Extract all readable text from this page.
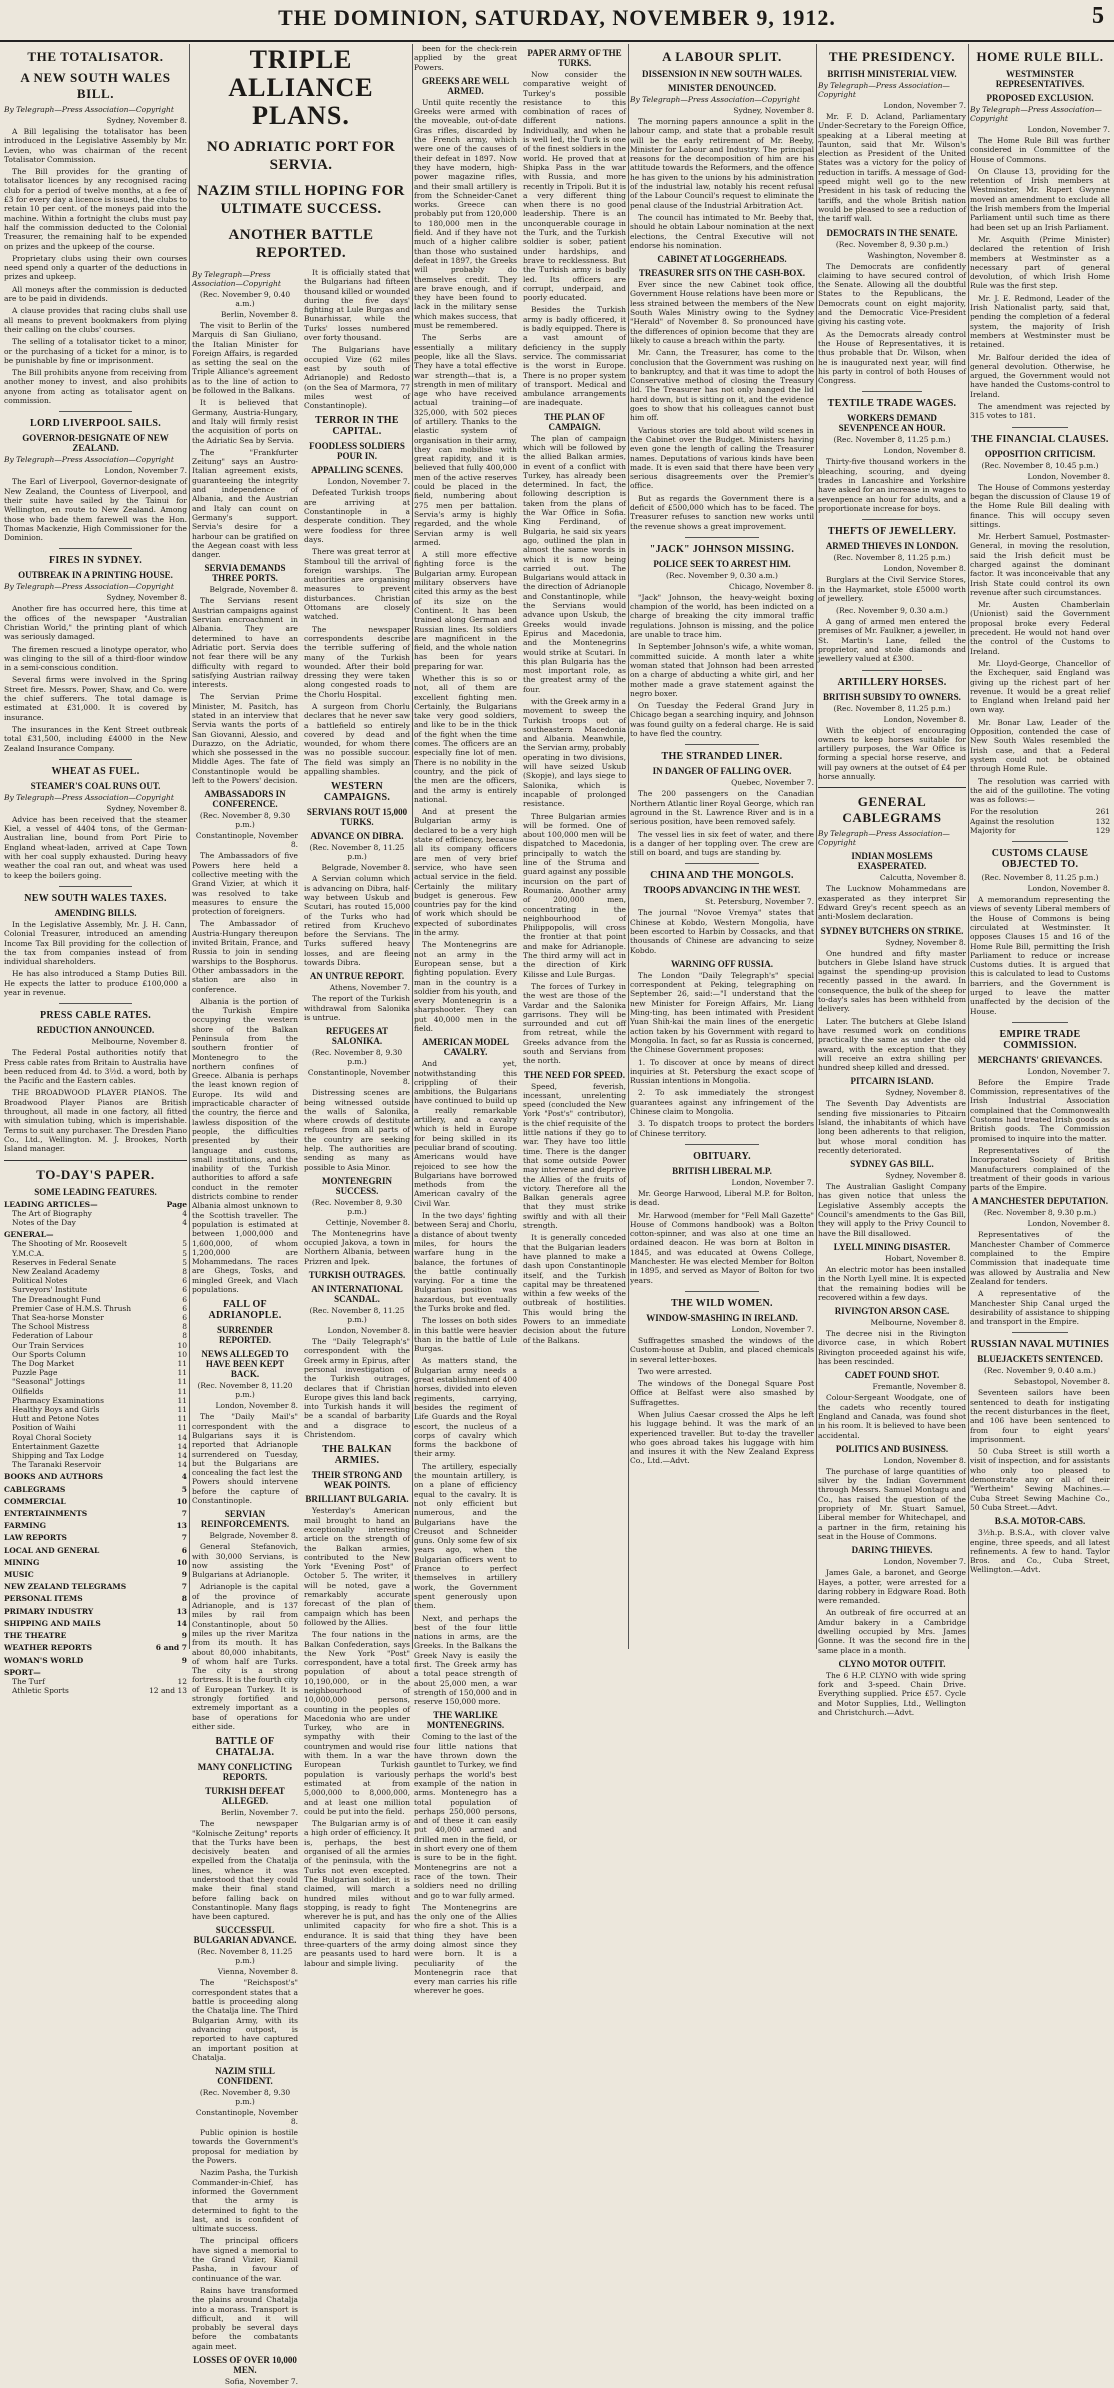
THE DOMINION, SATURDAY, NOVEMBER 9, 1912.	5
THE TOTALISATOR.
A NEW SOUTH WALES BILL.
By Telegraph—Press Association—Copyright
Sydney, November 8.

A Bill legalising the totalisator has been introduced in the Legislative Assembly by Mr. Levien, who was chairman of the recent Totalisator Commission.

The Bill provides for the granting of totalisator licences by any recognised racing club for a period of twelve months, at a fee of £3 for every day a licence is issued, the clubs to retain 10 per cent. of the moneys paid into the machine. Within a fortnight the clubs must pay half the commission deducted to the Colonial Treasurer, the remaining half to be expended on prizes and the upkeep of the course.

Proprietary clubs using their own courses need spend only a quarter of the deductions in prizes and upkeep.

All moneys after the commission is deducted are to be paid in dividends.

A clause provides that racing clubs shall use all means to prevent bookmakers from plying their calling on the clubs' courses.

The selling of a totalisator ticket to a minor, or the purchasing of a ticket for a minor, is to be punishable by fine or imprisonment.

The Bill prohibits anyone from receiving from another money to invest, and also prohibits anyone from acting as totalisator agent on commission.

LORD LIVERPOOL SAILS.
GOVERNOR-DESIGNATE OF NEW ZEALAND.
By Telegraph—Press Association—Copyright
London, November 7.

The Earl of Liverpool, Governor-designate of New Zealand, the Countess of Liverpool, and their suite have sailed by the Tainui for Wellington, en route to New Zealand. Among those who bade them farewell was the Hon. Thomas Mackenzie, High Commissioner for the Dominion.

FIRES IN SYDNEY.
OUTBREAK IN A PRINTING HOUSE.
By Telegraph—Press Association—Copyright
Sydney, November 8.

Another fire has occurred here, this time at the offices of the newspaper "Australian Christian World," the printing plant of which was seriously damaged.

The firemen rescued a linotype operator, who was clinging to the sill of a third-floor window in a semi-conscious condition.

Several firms were involved in the Spring Street fire. Messrs. Power, Shaw, and Co. were the chief sufferers. The total damage is estimated at £31,000. It is covered by insurance.

The insurances in the Kent Street outbreak total £31,500, including £4000 in the New Zealand Insurance Company.

WHEAT AS FUEL.
STEAMER'S COAL RUNS OUT.
By Telegraph—Press Association—Copyright
Sydney, November 8.

Advice has been received that the steamer Kiel, a vessel of 4404 tons, of the German-Australian line, bound from Port Pirie to England wheat-laden, arrived at Cape Town with her coal supply exhausted. During heavy weather the coal ran out, and wheat was used to keep the boilers going.

NEW SOUTH WALES TAXES.
AMENDING BILLS.

In the Legislative Assembly, Mr. J. H. Cann, Colonial Treasurer, introduced an amending Income Tax Bill providing for the collection of the tax from companies instead of from individual shareholders.

He has also introduced a Stamp Duties Bill. He expects the latter to produce £100,000 a year in revenue.

PRESS CABLE RATES.
REDUCTION ANNOUNCED.
Melbourne, November 8.

The Federal Postal authorities notify that Press cable rates from Britain to Australia have been reduced from 4d. to 3½d. a word, both by the Pacific and the Eastern cables.

THE BROADWOOD PLAYER PIANOS. The Broadwood Player Pianos are British throughout, all made in one factory, all fitted with simulation tubing, which is imperishable. Terms to suit any purchaser. The Dresden Piano Co., Ltd., Wellington. M. J. Brookes, North Island manager.

TO-DAY'S PAPER.
SOME LEADING FEATURES.
LEADING ARTICLES—	Page
The Art of Biography	4
Notes of the Day	4
GENERAL—
The Shooting of Mr. Roosevelt	5
Y.M.C.A.	5
Reserves in Federal Senate	5
New Zealand Academy	8
Political Notes	6
Surveyors' Institute	6
The Dreadnought Fund	6
Premier Case of H.M.S. Thrush	6
That Sea-horse Monster	6
The School Mistress	8
Federation of Labour	8
Our Train Services	10
Our Sports Column	10
The Dog Market	11
Puzzle Page	11
"Seasonal" Jottings	11
Oilfields	11
Pharmacy Examinations	11
Healthy Boys and Girls	11
Hutt and Petone Notes	11
Position of Waihi	11
Royal Choral Society	14
Entertainment Gazette	14
Shipping and Tax Lodge	14
The Taranaki Reservoir	14
BOOKS AND AUTHORS	4
CABLEGRAMS	5
COMMERCIAL	10
ENTERTAINMENTS	7
FARMING	13
LAW REPORTS	7
LOCAL AND GENERAL	6
MINING	10
MUSIC	9
NEW ZEALAND TELEGRAMS	7
PERSONAL ITEMS	8
PRIMARY INDUSTRY	13
SHIPPING AND MAILS	14
THE THEATRE	9
WEATHER REPORTS	6 and 7
WOMAN'S WORLD	9
SPORT—
The Turf	12
Athletic Sports	12 and 13
TRIPLE ALLIANCE PLANS.
NO ADRIATIC PORT FOR SERVIA.
NAZIM STILL HOPING FOR ULTIMATE SUCCESS.
ANOTHER BATTLE REPORTED.
By Telegraph—Press Association—Copyright
(Rec. November 9, 0.40 a.m.)
Berlin, November 8.

The visit to Berlin of the Marquis di San Giuliano, the Italian Minister for Foreign Affairs, is regarded as setting the seal on the Triple Alliance's agreement as to the line of action to be followed in the Balkans.

It is believed that Germany, Austria-Hungary, and Italy will firmly resist the acquisition of ports on the Adriatic Sea by Servia.

The "Frankfurter Zeitung" says an Austro-Italian agreement exists, guaranteeing the integrity and independence of Albania, and the Austrian and Italy can count on Germany's support. Servia's desire for a harbour can be gratified on the Aegean coast with less danger.

SERVIA DEMANDS THREE PORTS.
Belgrade, November 8.

The Servians resent Austrian campaigns against Servian encroachment in Albania. They are determined to have an Adriatic port. Servia does not fear there will be any difficulty with regard to satisfying Austrian railway interests.

The Servian Prime Minister, M. Pasitch, has stated in an interview that Servia wants the ports of San Giovanni, Alessio, and Durazzo, on the Adriatic, which she possessed in the Middle Ages. The fate of Constantinople would be left to the Powers' decision.

AMBASSADORS IN CONFERENCE.
(Rec. November 8, 9.30 p.m.)
Constantinople, November 8.

The Ambassadors of five Powers here held a collective meeting with the Grand Vizier, at which it was resolved to take measures to ensure the protection of foreigners.

The Ambassador of Austria-Hungary thereupon invited Britain, France, and Russia to join in sending warships to the Bosphorus. Other ambassadors in the station are also in conference.

Albania is the portion of the Turkish Empire occupying the western shore of the Balkan Peninsula from the southern frontier of Montenegro to the northern confines of Greece. Albania is perhaps the least known region of Europe. Its wild and impracticable character of the country, the fierce and lawless disposition of the people, the difficulties presented by their language and customs, small institutions, and the inability of the Turkish authorities to afford a safe conduct in the remoter districts combine to render Albania almost unknown to the Scottish traveller. The population is estimated at between 1,000,000 and 1,600,000, of whom 1,200,000 are Mohammedans. The races are Ghegs, Tosks, and mingled Greek, and Vlach populations.

FALL OF ADRIANOPLE.
SURRENDER REPORTED.
NEWS ALLEGED TO HAVE BEEN KEPT BACK.
(Rec. November 8, 11.20 p.m.)
London, November 8.

The "Daily Mail's" correspondent with the Bulgarians says it is reported that Adrianople surrendered on Tuesday, but the Bulgarians are concealing the fact lest the Powers should intervene before the capture of Constantinople.

SERVIAN REINFORCEMENTS.
Belgrade, November 8.

General Stefanovich, with 30,000 Servians, is now assisting the Bulgarians at Adrianople.

Adrianople is the capital of the province of Adrianople, and is 137 miles by rail from Constantinople, about 50 miles up the river Maritza from its mouth. It has about 80,000 inhabitants, of whom half are Turks. The city is a strong fortress. It is the fourth city of European Turkey. It is strongly fortified and extremely important as a base of operations for either side.

BATTLE OF CHATALJA.
MANY CONFLICTING REPORTS.
TURKISH DEFEAT ALLEGED.
Berlin, November 7.

The newspaper "Kolnische Zeitung" reports that the Turks have been decisively beaten and expelled from the Chatalja lines, whence it was understood that they could make their final stand before falling back on Constantinople. Many flags have been captured.

SUCCESSFUL BULGARIAN ADVANCE.
(Rec. November 8, 11.25 p.m.)
Vienna, November 8.

The "Reichspost's" correspondent states that a battle is proceeding along the Chatalja line. The Third Bulgarian Army, with its advancing outpost, is reported to have captured an important position at Chatalja.

NAZIM STILL CONFIDENT.
(Rec. November 8, 9.30 p.m.)
Constantinople, November 8.

Public opinion is hostile towards the Government's proposal for mediation by the Powers.

Nazim Pasha, the Turkish Commander-in-Chief, has informed the Government that the army is determined to fight to the last, and is confident of ultimate success.

The principal officers have signed a memorial to the Grand Vizier, Kiamil Pasha, in favour of continuance of the war.

Rains have transformed the plains around Chatalja into a morass. Transport is difficult, and it will probably be several days before the combatants again meet.

LOSSES OF OVER 10,000 MEN.
Sofia, November 7.

It is officially stated that the Bulgarians had fifteen thousand killed or wounded during the five days' fighting at Lule Burgas and Bunarhissar, while the Turks' losses numbered over forty thousand.

The Bulgarians have occupied Vize (62 miles east by south of Adrianople) and Redosto (on the Sea of Marmora, 77 miles west of Constantinople).

TERROR IN THE CAPITAL.
FOODLESS SOLDIERS POUR IN.
APPALLING SCENES.
London, November 7.

Defeated Turkish troops are arriving at Constantinople in a desperate condition. They were foodless for three days.

There was great terror at Stamboul till the arrival of foreign warships. The authorities are organising measures to prevent disturbances. Christian Ottomans are closely watched.

The newspaper correspondents describe the terrible suffering of many of the Turkish wounded. After their bold dressing they were taken along congested roads to the Chorlu Hospital.

A surgeon from Chorlu declares that he never saw a battlefield so entirely covered by dead and wounded, for whom there was no possible succour. The field was simply an appalling shambles.

WESTERN CAMPAIGNS.
SERVIANS ROUT 15,000 TURKS.
ADVANCE ON DIBRA.
(Rec. November 8, 11.25 p.m.)
Belgrade, November 8.

A Servian column which is advancing on Dibra, half-way between Uskub and Scutari, has routed 15,000 of the Turks who had retired from Kruchevo before the Servians. The Turks suffered heavy losses, and are fleeing towards Dibra.

AN UNTRUE REPORT.
Athens, November 7.

The report of the Turkish withdrawal from Salonika is untrue.

REFUGEES AT SALONIKA.
(Rec. November 8, 9.30 p.m.)
Constantinople, November 8.

Distressing scenes are being witnessed outside the walls of Salonika, where crowds of destitute refugees from all parts of the country are seeking help. The authorities are sending as many as possible to Asia Minor.

MONTENEGRIN SUCCESS.
(Rec. November 8, 9.30 p.m.)
Cettinje, November 8.

The Montenegrins have occupied Jakova, a town in Northern Albania, between Prizren and Ipek.

TURKISH OUTRAGES.
AN INTERNATIONAL SCANDAL.
(Rec. November 8, 11.25 p.m.)
London, November 8.

The "Daily Telegraph's" correspondent with the Greek army in Epirus, after personal investigation of the Turkish outrages, declares that if Christian Europe gives this land back into Turkish hands it will be a scandal of barbarity and a disgrace to Christendom.

THE BALKAN ARMIES.
THEIR STRONG AND WEAK POINTS.
BRILLIANT BULGARIA.

Yesterday's American mail brought to hand an exceptionally interesting article on the strength of the Balkan armies, contributed to the New York "Evening Post" of October 5. The writer, it will be noted, gave a remarkably accurate forecast of the plan of campaign which has been followed by the Allies.

The four nations in the Balkan Confederation, says the New York "Post" correspondent, have a total population of about 10,190,000, or in the neighbourhood of 10,000,000 persons, counting in the peoples of Macedonia who are under Turkey, who are in sympathy with their countrymen and would rise with them. In a war the European Turkish population is variously estimated at from 5,000,000 to 8,000,000, and at least one million could be put into the field.

The Bulgarian army is of a high order of efficiency. It is, perhaps, the best organised of all the armies of the peninsula, with the Turks not even excepted. The Bulgarian soldier, it is claimed, will march a hundred miles without stopping, is ready to fight wherever he is put, and has unlimited capacity for endurance. It is said that three-quarters of the army are peasants used to hard labour and simple living.

been for the check-rein applied by the great Powers.

GREEKS ARE WELL ARMED.

Until quite recently the Greeks were armed with the moveable, out-of-date Gras rifles, discarded by the French army, which were one of the causes of their defeat in 1897. Now they have modern, high-power magazine rifles, and their small artillery is from the Schneider-Canet works. Greece can probably put from 120,000 to 180,000 men in the field. And if they have not much of a higher calibre than those who sustained defeat in 1897, the Greeks will probably do themselves credit. They are brave enough, and if they have been found to lack in the military sense which makes success, that must be remembered.

The Serbs are essentially a military people, like all the Slavs. They have a total effective war strength—that is, a strength in men of military age who have received actual training—of 325,000, with 502 pieces of artillery. Thanks to the elastic system of organisation in their army, they can mobilise with great rapidity, and it is believed that fully 400,000 men of the active reserves could be placed in the field, numbering about 275 men per battalion. Servia's army is highly regarded, and the whole Servian army is well armed.

A still more effective fighting force is the Bulgarian army. European military observers have cited this army as the best of its size on the Continent. It has been trained along German and Russian lines. Its soldiers are magnificent in the field, and the whole nation has been for years preparing for war.

Whether this is so or not, all of them are excellent fighting men. Certainly, the Bulgarians take very good soldiers, and like to be in the thick of the fight when the time comes. The officers are an especially fine lot of men. There is no nobility in the country, and the pick of the men are the officers, and the army is entirely national.

And at present the Bulgarian army is declared to be a very high state of efficiency, because all its company officers are men of very brief service, who have seen actual service in the field. Certainly the military budget is generous. Few countries pay for the kind of work which should be expected of subordinates in the army.

The Montenegrins are not an army in the European sense, but a fighting population. Every man in the country is a soldier from his youth, and every Montenegrin is a sharpshooter. They can put 40,000 men in the field.

AMERICAN MODEL CAVALRY.

And yet, notwithstanding this crippling of their ambitions, the Bulgarians have continued to build up a really remarkable artillery, and a cavalry which is held in Europe for being skilled in its peculiar brand of scouting. Americans would have rejoiced to see how the Bulgarians have borrowed methods from the American cavalry of the Civil War.

In the two days' fighting between Seraj and Chorlu, a distance of about twenty miles, for hours the warfare hung in the balance, the fortunes of the battle continually varying. For a time the Bulgarian position was hazardous, but eventually the Turks broke and fled.

The losses on both sides in this battle were heavier than in the battle of Lule Burgas.

As matters stand, the Bulgarian army needs a great establishment of 400 horses, divided into eleven regiments, carrying, besides the regiment of Life Guards and the Royal escort, the nucleus of a corps of cavalry which forms the backbone of their army.

The artillery, especially the mountain artillery, is on a plane of efficiency equal to the cavalry. It is not only efficient but numerous, and the Bulgarians have the Creusot and Schneider guns. Only some few of six years ago, when the Bulgarian officers went to France to perfect themselves in artillery work, the Government spent generously upon them.

Next, and perhaps the best of the four little nations in arms, are the Greeks. In the Balkans the Greek Navy is easily the first. The Greek army has a total peace strength of about 25,000 men, a war strength of 150,000 and in reserve 150,000 more.

THE WARLIKE MONTENEGRINS.

Coming to the last of the four little nations that have thrown down the gauntlet to Turkey, we find perhaps the world's best example of the nation in arms. Montenegro has a total population of perhaps 250,000 persons, and of these it can easily put 40,000 armed and drilled men in the field, or in short every one of them is sure to be in the fight. Montenegrins are not a race of the town. Their soldiers need no drilling and go to war fully armed.

The Montenegrins are the only one of the Allies who fire a shot. This is a thing they have been doing almost since they were born. It is a peculiarity of the Montenegrin race that every man carries his rifle wherever he goes.

PAPER ARMY OF THE TURKS.

Now consider the comparative weight of Turkey's possible resistance to this combination of races of different nations. Individually, and when he is well led, the Turk is one of the finest soldiers in the world. He proved that at Shipka Pass in the war with Russia, and more recently in Tripoli. But it is a very different thing when there is no good leadership. There is an unconquerable courage in the Turk, and the Turkish soldier is sober, patient under hardships, and brave to recklessness. But the Turkish army is badly led. Its officers are corrupt, underpaid, and poorly educated.

Besides the Turkish army is badly officered, it is badly equipped. There is a vast amount of deficiency in the supply service. The commissariat is the worst in Europe. There is no proper system of transport. Medical and ambulance arrangements are inadequate.

THE PLAN OF CAMPAIGN.

The plan of campaign which will be followed by the allied Balkan armies, in event of a conflict with Turkey, has already been determined. In fact, the following description is taken from the plans of the War Office in Sofia. King Ferdinand, of Bulgaria, he said six years ago, outlined the plan in almost the same words in which it is now being carried out. The Bulgarians would attack in the direction of Adrianople and Constantinople, while the Servians would advance upon Uskub, the Greeks would invade Epirus and Macedonia, and the Montenegrins would strike at Scutari. In this plan Bulgaria has the most important role, as the greatest army of the four.

with the Greek army in a movement to sweep the Turkish troops out of southeastern Macedonia and Albania. Meanwhile, the Servian army, probably operating in two divisions, will have seized Uskub (Skopje), and lays siege to Salonika, which is incapable of prolonged resistance.

Three Bulgarian armies will be formed. One of about 100,000 men will be dispatched to Macedonia, principally to watch the line of the Struma and guard against any possible incursion on the part of Roumania. Another army of 200,000 men, concentrating in the neighbourhood of Philippopolis, will cross the frontier at that point and make for Adrianople. The third army will act in the direction of Kirk Kilisse and Lule Burgas.

The forces of Turkey in the west are those of the Vardar and the Salonika garrisons. They will be surrounded and cut off from retreat, while the Greeks advance from the south and Servians from the north.

THE NEED FOR SPEED.

Speed, feverish, incessant, unrelenting speed (concluded the New York "Post's" contributor), is the chief requisite of the little nations if they go to war. They have too little time. There is the danger that some outside Power may intervene and deprive the Allies of the fruits of victory. Therefore all the Balkan generals agree that they must strike swiftly and with all their strength.

It is generally conceded that the Bulgarian leaders have planned to make a dash upon Constantinople itself, and the Turkish capital may be threatened within a few weeks of the outbreak of hostilities. This would bring the Powers to an immediate decision about the future of the Balkans.

A LABOUR SPLIT.
DISSENSION IN NEW SOUTH WALES.
MINISTER DENOUNCED.
By Telegraph—Press Association—Copyright
Sydney, November 8.

The morning papers announce a split in the labour camp, and state that a probable result will be the early retirement of Mr. Beeby, Minister for Labour and Industry. The principal reasons for the decomposition of him are his attitude towards the Reformers, and the offence he has given to the unions by his administration of the industrial law, notably his recent refusal of the Labour Council's request to eliminate the penal clause of the Industrial Arbitration Act.

The council has intimated to Mr. Beeby that, should he obtain Labour nomination at the next elections, the Central Executive will not endorse his nomination.

CABINET AT LOGGERHEADS.
TREASURER SITS ON THE CASH-BOX.

Ever since the new Cabinet took office, Government House relations have been more or less strained between the members of the New South Wales Ministry owing to the Sydney "Herald" of November 8. So pronounced have the differences of opinion become that they are likely to cause a breach within the party.

Mr. Cann, the Treasurer, has come to the conclusion that the Government was rushing on to bankruptcy, and that it was time to adopt the Conservative method of closing the Treasury lid. The Treasurer has not only banged the lid hard down, but is sitting on it, and the evidence goes to show that his colleagues cannot bust him off.

Various stories are told about wild scenes in the Cabinet over the Budget. Ministers having even gone the length of calling the Treasurer names. Deputations of various kinds have been made. It is even said that there have been very serious disagreements over the Premier's office.

But as regards the Government there is a deficit of £500,000 which has to be faced. The Treasurer refuses to sanction new works until the revenue shows a great improvement.

"JACK" JOHNSON MISSING.
POLICE SEEK TO ARREST HIM.
(Rec. November 9, 0.30 a.m.)
Chicago, November 8.

"Jack" Johnson, the heavy-weight boxing champion of the world, has been indicted on a charge of breaking the city immoral traffic regulations. Johnson is missing, and the police are unable to trace him.

In September Johnson's wife, a white woman, committed suicide. A month later a white woman stated that Johnson had been arrested on a charge of abducting a white girl, and her mother made a grave statement against the negro boxer.

On Tuesday the Federal Grand Jury in Chicago began a searching inquiry, and Johnson was found guilty on a federal charge. He is said to have fled the country.

THE STRANDED LINER.
IN DANGER OF FALLING OVER.
Quebec, November 7.

The 200 passengers on the Canadian Northern Atlantic liner Royal George, which ran aground in the St. Lawrence River and is in a serious position, have been removed safely.

The vessel lies in six feet of water, and there is a danger of her toppling over. The crew are still on board, and tugs are standing by.

CHINA AND THE MONGOLS.
TROOPS ADVANCING IN THE WEST.
St. Petersburg, November 7.

The journal "Novoe Vremya" states that Chinese at Kobdo, Western Mongolia, have been escorted to Harbin by Cossacks, and that thousands of Chinese are advancing to seize Kobdo.

WARNING OFF RUSSIA.

The London "Daily Telegraph's" special correspondent at Peking, telegraphing on September 26, said:—"I understand that the new Minister for Foreign Affairs, Mr. Liang Ming-ting, has been intimated with President Yuan Shih-kai the main lines of the energetic action taken by his Government with regard to Mongolia. In fact, so far as Russia is concerned, the Chinese Government proposes:

1. To discover at once by means of direct inquiries at St. Petersburg the exact scope of Russian intentions in Mongolia.

2. To ask immediately the strongest guarantees against any infringement of the Chinese claim to Mongolia.

3. To dispatch troops to protect the borders of Chinese territory.

OBITUARY.
BRITISH LIBERAL M.P.
London, November 7.

Mr. George Harwood, Liberal M.P. for Bolton, is dead.

Mr. Harwood (member for "Fell Mall Gazette" House of Commons handbook) was a Bolton cotton-spinner, and was also at one time an ordained deacon. He was born at Bolton in 1845, and was educated at Owens College, Manchester. He was elected Member for Bolton in 1895, and served as Mayor of Bolton for two years.

THE WILD WOMEN.
WINDOW-SMASHING IN IRELAND.
London, November 7.

Suffragettes smashed the windows of the Custom-house at Dublin, and placed chemicals in several letter-boxes.

Two were arrested.

The windows of the Donegal Square Post Office at Belfast were also smashed by Suffragettes.

When Julius Caesar crossed the Alps he left his luggage behind. It was the mark of an experienced traveller. But to-day the traveller who goes abroad takes his luggage with him and insures it with the New Zealand Express Co., Ltd.—Advt.

THE PRESIDENCY.
BRITISH MINISTERIAL VIEW.
By Telegraph—Press Association—Copyright
London, November 7.

Mr. F. D. Acland, Parliamentary Under-Secretary to the Foreign Office, speaking at a Liberal meeting at Taunton, said that Mr. Wilson's election as President of the United States was a victory for the policy of reduction in tariffs. A message of God-speed might well go to the new President in his task of reducing the tariffs, and the whole British nation would be pleased to see a reduction of the tariff wall.

DEMOCRATS IN THE SENATE.
(Rec. November 8, 9.30 p.m.)
Washington, November 8.

The Democrats are confidently claiming to have secured control of the Senate. Allowing all the doubtful States to the Republicans, the Democrats count on eight majority, and the Democratic Vice-President giving his casting vote.

As the Democrats already control the House of Representatives, it is thus probable that Dr. Wilson, when he is inaugurated next year, will find his party in control of both Houses of Congress.

TEXTILE TRADE WAGES.
WORKERS DEMAND SEVENPENCE AN HOUR.
(Rec. November 8, 11.25 p.m.)
London, November 8.

Thirty-five thousand workers in the bleaching, scouring, and dyeing trades in Lancashire and Yorkshire have asked for an increase in wages to sevenpence an hour for adults, and a proportionate increase for boys.

THEFTS OF JEWELLERY.
ARMED THIEVES IN LONDON.
(Rec. November 8, 11.25 p.m.)
London, November 8.

Burglars at the Civil Service Stores, in the Haymarket, stole £5000 worth of jewellery.

(Rec. November 9, 0.30 a.m.)

A gang of armed men entered the premises of Mr. Faulkner, a jeweller, in St. Martin's Lane, felled the proprietor, and stole diamonds and jewellery valued at £300.

ARTILLERY HORSES.
BRITISH SUBSIDY TO OWNERS.
(Rec. November 8, 11.25 p.m.)
London, November 8.

With the object of encouraging owners to keep horses suitable for artillery purposes, the War Office is forming a special horse reserve, and will pay owners at the outset of £4 per horse annually.

GENERAL CABLEGRAMS
By Telegraph—Press Association—Copyright
INDIAN MOSLEMS EXASPERATED.
Calcutta, November 8.

The Lucknow Mohammedans are exasperated as they interpret Sir Edward Grey's recent speech as an anti-Moslem declaration.

SYDNEY BUTCHERS ON STRIKE.
Sydney, November 8.

One hundred and fifty master butchers in Glebe Island have struck against the spending-up provision recently passed in the award. In consequence, the bulk of the sheep for to-day's sales has been withheld from delivery.

Later. The butchers at Glebe Island have resumed work on conditions practically the same as under the old award, with the exception that they will receive an extra shilling per hundred sheep killed and dressed.

PITCAIRN ISLAND.
Sydney, November 8.

The Seventh Day Adventists are sending five missionaries to Pitcairn Island, the inhabitants of which have long been adherents to that religion, but whose moral condition has recently deteriorated.

SYDNEY GAS BILL.
Sydney, November 8.

The Australian Gaslight Company has given notice that unless the Legislative Assembly accepts the Council's amendments to the Gas Bill, they will apply to the Privy Council to have the Bill disallowed.

LYELL MINING DISASTER.
Hobart, November 8.

An electric motor has been installed in the North Lyell mine. It is expected that the remaining bodies will be recovered within a few days.

RIVINGTON ARSON CASE.
Melbourne, November 8.

The decree nisi in the Rivington divorce case, in which Robert Rivington proceeded against his wife, has been rescinded.

CADET FOUND SHOT.
Fremantle, November 8.

Colour-Sergeant Woodgate, one of the cadets who recently toured England and Canada, was found shot in his room. It is believed to have been accidental.

POLITICS AND BUSINESS.
London, November 8.

The purchase of large quantities of silver by the Indian Government through Messrs. Samuel Montagu and Co., has raised the question of the propriety of Mr. Stuart Samuel, Liberal member for Whitechapel, and a partner in the firm, retaining his seat in the House of Commons.

DARING THIEVES.
London, November 7.

James Gale, a baronet, and George Hayes, a potter, were arrested for a daring robbery in Edgware Road. Both were remanded.

An outbreak of fire occurred at an Amdur bakery in a Cambridge dwelling occupied by Mrs. James Gonne. It was the second fire in the same place in a month.

CLYNO MOTOR OUTFIT.

The 6 H.P. CLYNO with wide spring fork and 3-speed. Chain Drive. Everything supplied. Price £57. Cycle and Motor Supplies, Ltd., Wellington and Christchurch.—Advt.

HOME RULE BILL.
WESTMINSTER REPRESENTATIVES.
PROPOSED EXCLUSION.
By Telegraph—Press Association—Copyright
London, November 7.

The Home Rule Bill was further considered in Committee of the House of Commons.

On Clause 13, providing for the retention of Irish members at Westminster, Mr. Rupert Gwynne moved an amendment to exclude all the Irish members from the Imperial Parliament until such time as there had been set up an Irish Parliament.

Mr. Asquith (Prime Minister) declared the retention of Irish members at Westminster as a necessary part of general devolution, of which Irish Home Rule was the first step.

Mr. J. E. Redmond, Leader of the Irish Nationalist party, said that, pending the completion of a federal system, the majority of Irish members at Westminster must be retained.

Mr. Balfour derided the idea of general devolution. Otherwise, he argued, the Government would not have handed the Customs-control to Ireland.

The amendment was rejected by 315 votes to 181.

THE FINANCIAL CLAUSES.
OPPOSITION CRITICISM.
(Rec. November 8, 10.45 p.m.)
London, November 8.

The House of Commons yesterday began the discussion of Clause 19 of the Home Rule Bill dealing with finance. This will occupy seven sittings.

Mr. Herbert Samuel, Postmaster-General, in moving the resolution, said the Irish deficit must be charged against the dominant factor. It was inconceivable that any Irish State could control its own revenue after such circumstances.

Mr. Austen Chamberlain (Unionist) said the Government proposal broke every Federal precedent. He would not hand over the control of the Customs to Ireland.

Mr. Lloyd-George, Chancellor of the Exchequer, said England was giving up the richest part of her revenue. It would be a great relief to England when Ireland paid her own way.

Mr. Bonar Law, Leader of the Opposition, contended the case of New South Wales resembled the Irish case, and that a Federal system could not be obtained through Home Rule.

The resolution was carried with the aid of the guillotine. The voting was as follows:—

For the resolution	261
Against the resolution	132
Majority for	129
CUSTOMS CLAUSE OBJECTED TO.
(Rec. November 8, 11.25 p.m.)
London, November 8.

A memorandum representing the views of seventy Liberal members of the House of Commons is being circulated at Westminster. It opposes Clauses 15 and 16 of the Home Rule Bill, permitting the Irish Parliament to reduce or increase Customs duties. It is argued that this is calculated to lead to Customs barriers, and the Government is urged to leave the matter unaffected by the decision of the House.

EMPIRE TRADE COMMISSION.
MERCHANTS' GRIEVANCES.
London, November 7.

Before the Empire Trade Commission, representatives of the Irish Industrial Association complained that the Commonwealth Customs had treated Irish goods as British goods. The Commission promised to inquire into the matter.

Representatives of the Incorporated Society of British Manufacturers complained of the treatment of their goods in various parts of the Empire.

A MANCHESTER DEPUTATION.
(Rec. November 8, 9.30 p.m.)
London, November 8.

Representatives of the Manchester Chamber of Commerce complained to the Empire Commission that inadequate time was allowed by Australia and New Zealand for tenders.

A representative of the Manchester Ship Canal urged the desirability of assistance to shipping and transport in the Empire.

RUSSIAN NAVAL MUTINIES
BLUEJACKETS SENTENCED.
(Rec. November 9, 0.40 a.m.)
Sebastopol, November 8.

Seventeen sailors have been sentenced to death for instigating the recent disturbances in the fleet, and 106 have been sentenced to from four to eight years' imprisonment.

50 Cuba Street is still worth a visit of inspection, and for assistants who only too pleased to demonstrate any or all of their "Wertheim" Sewing Machines.—Cuba Street Sewing Machine Co., 50 Cuba Street.—Advt.

B.S.A. MOTOR-CABS.

3½h.p. B.S.A., with clover valve engine, three speeds, and all latest refinements. A few to hand. Taylor Bros. and Co., Cuba Street, Wellington.—Advt.
